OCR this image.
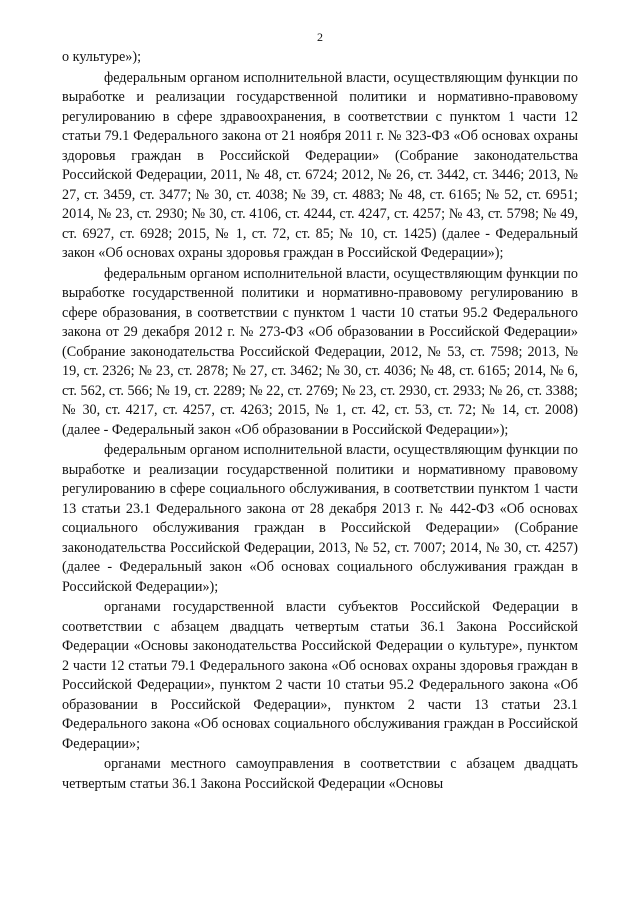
2

о культуре»);

федеральным органом исполнительной власти, осуществляющим функции по выработке и реализации государственной политики и нормативно-правовому регулированию в сфере здравоохранения, в соответствии с пунктом 1 части 12 статьи 79.1 Федерального закона от 21 ноября 2011 г. № 323-ФЗ «Об основах охраны здоровья граждан в Российской Федерации» (Собрание законодательства Российской Федерации, 2011, № 48, ст. 6724; 2012, № 26, ст. 3442, ст. 3446; 2013, № 27, ст. 3459, ст. 3477; № 30, ст. 4038; № 39, ст. 4883; № 48, ст. 6165; № 52, ст. 6951; 2014, № 23, ст. 2930; № 30, ст. 4106, ст. 4244, ст. 4247, ст. 4257; № 43, ст. 5798; № 49, ст. 6927, ст. 6928; 2015, № 1, ст. 72, ст. 85; № 10, ст. 1425) (далее - Федеральный закон «Об основах охраны здоровья граждан в Российской Федерации»);

федеральным органом исполнительной власти, осуществляющим функции по выработке государственной политики и нормативно-правовому регулированию в сфере образования, в соответствии с пунктом 1 части 10 статьи 95.2 Федерального закона от 29 декабря 2012 г. № 273-ФЗ «Об образовании в Российской Федерации» (Собрание законодательства Российской Федерации, 2012, № 53, ст. 7598; 2013, № 19, ст. 2326; № 23, ст. 2878; № 27, ст. 3462; № 30, ст. 4036; № 48, ст. 6165; 2014, № 6, ст. 562, ст. 566; № 19, ст. 2289; № 22, ст. 2769; № 23, ст. 2930, ст. 2933; № 26, ст. 3388; № 30, ст. 4217, ст. 4257, ст. 4263; 2015, № 1, ст. 42, ст. 53, ст. 72; № 14, ст. 2008) (далее - Федеральный закон «Об образовании в Российской Федерации»);

федеральным органом исполнительной власти, осуществляющим функции по выработке и реализации государственной политики и нормативному правовому регулированию в сфере социального обслуживания, в соответствии пунктом 1 части 13 статьи 23.1 Федерального закона от 28 декабря 2013 г. № 442-ФЗ «Об основах социального обслуживания граждан в Российской Федерации» (Собрание законодательства Российской Федерации, 2013, № 52, ст. 7007; 2014, № 30, ст. 4257) (далее - Федеральный закон «Об основах социального обслуживания граждан в Российской Федерации»);

органами государственной власти субъектов Российской Федерации в соответствии с абзацем двадцать четвертым статьи 36.1 Закона Российской Федерации «Основы законодательства Российской Федерации о культуре», пунктом 2 части 12 статьи 79.1 Федерального закона «Об основах охраны здоровья граждан в Российской Федерации», пунктом 2 части 10 статьи 95.2 Федерального закона «Об образовании в Российской Федерации», пунктом 2 части 13 статьи 23.1 Федерального закона «Об основах социального обслуживания граждан в Российской Федерации»;

органами местного самоуправления в соответствии с абзацем двадцать четвертым статьи 36.1 Закона Российской Федерации «Основы
